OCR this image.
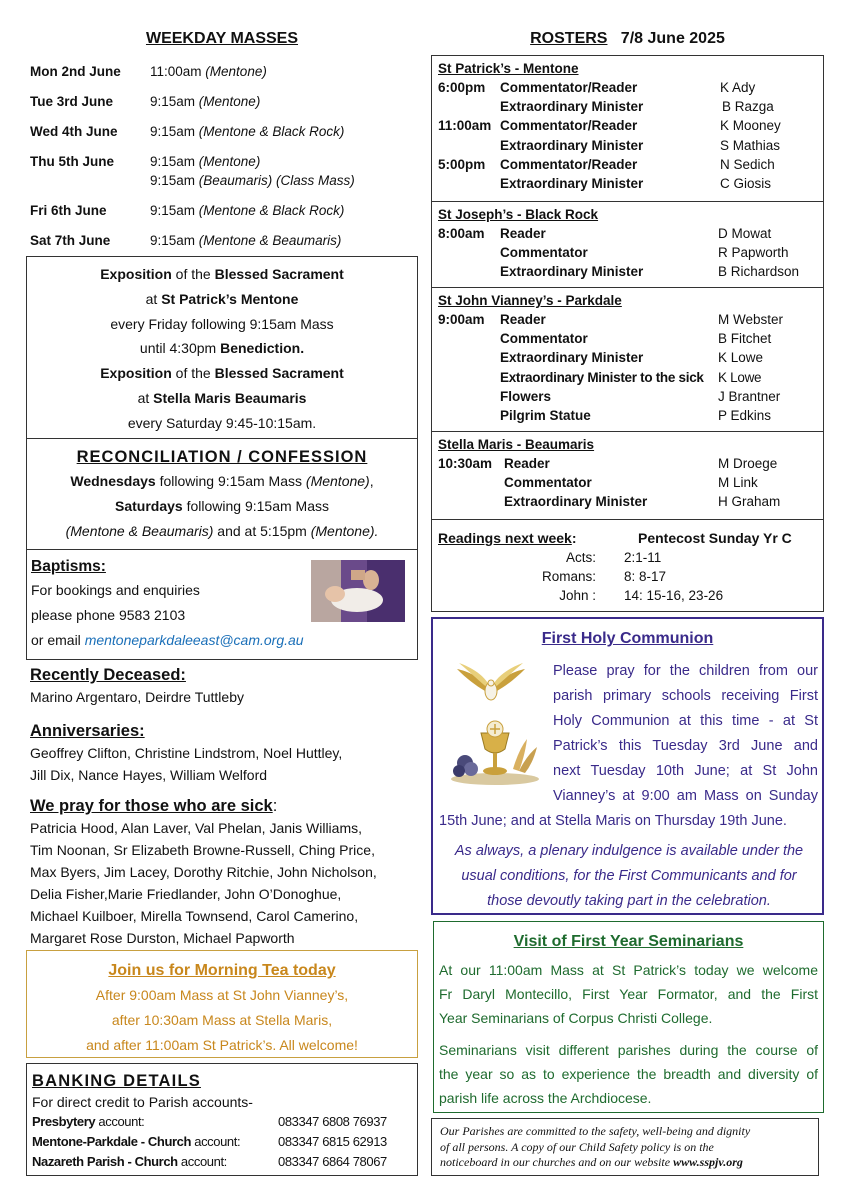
WEEKDAY MASSES
Mon 2nd June	11:00am (Mentone)
Tue 3rd June	9:15am (Mentone)
Wed 4th June	9:15am (Mentone & Black Rock)
Thu 5th June	9:15am (Mentone)
9:15am (Beaumaris) (Class Mass)
Fri 6th June	9:15am (Mentone & Black Rock)
Sat 7th June	9:15am (Mentone & Beaumaris)
Exposition of the Blessed Sacrament
at St Patrick’s Mentone
every Friday following 9:15am Mass
until 4:30pm Benediction.
Exposition of the Blessed Sacrament
at Stella Maris Beaumaris
every Saturday 9:45-10:15am.
RECONCILIATION / CONFESSION
Wednesdays following 9:15am Mass (Mentone),
Saturdays following 9:15am Mass
(Mentone & Beaumaris) and at 5:15pm (Mentone).
Baptisms:
For bookings and enquiries
please phone 9583 2103
or email mentoneparkdaleeast@cam.org.au
Recently Deceased:
Marino Argentaro, Deirdre Tuttleby
Anniversaries:
Geoffrey Clifton, Christine Lindstrom, Noel Huttley,
Jill Dix, Nance Hayes, William Welford
We pray for those who are sick:
Patricia Hood, Alan Laver, Val Phelan, Janis Williams,
Tim Noonan, Sr Elizabeth Browne-Russell, Ching Price,
Max Byers, Jim Lacey, Dorothy Ritchie, John Nicholson,
Delia Fisher,Marie Friedlander, John O’Donoghue,
Michael Kuilboer, Mirella Townsend, Carol Camerino,
Margaret Rose Durston, Michael Papworth
Join us for Morning Tea today
After 9:00am Mass at St John Vianney’s,
after 10:30am Mass at Stella Maris,
and after 11:00am St Patrick’s. All welcome!
BANKING DETAILS
For direct credit to Parish accounts-
Presbytery account:	083347 6808 76937
Mentone-Parkdale - Church account:	083347 6815 62913
Nazareth Parish - Church account:	083347 6864 78067
ROSTERS   7/8 June 2025
St Patrick’s - Mentone
6:00pm	Commentator/Reader	K Ady
Extraordinary Minister	B Razga
11:00am Commentator/Reader	K Mooney
Extraordinary Minister	S Mathias
5:00pm	Commentator/Reader	N Sedich
Extraordinary Minister	C Giosis
St Joseph’s - Black Rock
8:00am	Reader	D Mowat
Commentator	R Papworth
Extraordinary Minister	B Richardson
St John Vianney’s - Parkdale
9:00am	Reader	M Webster
Commentator	B Fitchet
Extraordinary Minister	K Lowe
Extraordinary Minister to the sick K Lowe
Flowers	J Brantner
Pilgrim Statue	P Edkins
Stella Maris - Beaumaris
10:30am Reader	M Droege
Commentator	M Link
Extraordinary Minister	H Graham
Readings next week:	Pentecost Sunday Yr C
Acts:	2:1-11
Romans:	8: 8-17
John :	14: 15-16, 23-26
First Holy Communion
Please pray for the children from our
parish primary schools receiving First
Holy Communion at this time - at St
Patrick’s this Tuesday 3rd June and
next Tuesday 10th June; at St John
Vianney’s at 9:00 am Mass on Sunday
15th June; and at Stella Maris on Thursday 19th June.
As always, a plenary indulgence is available under the
usual conditions, for the First Communicants and for
those devoutly taking part in the celebration.
Visit of First Year Seminarians
At our 11:00am Mass at St Patrick’s today we welcome
Fr Daryl Montecillo, First Year Formator, and the First
Year Seminarians of Corpus Christi College.
Seminarians visit different parishes during the course of
the year so as to experience the breadth and diversity of
parish life across the Archdiocese.
Our Parishes are committed to the safety, well-being and dignity
of all persons. A copy of our Child Safety policy is on the
noticeboard in our churches and on our website www.sspjv.org
